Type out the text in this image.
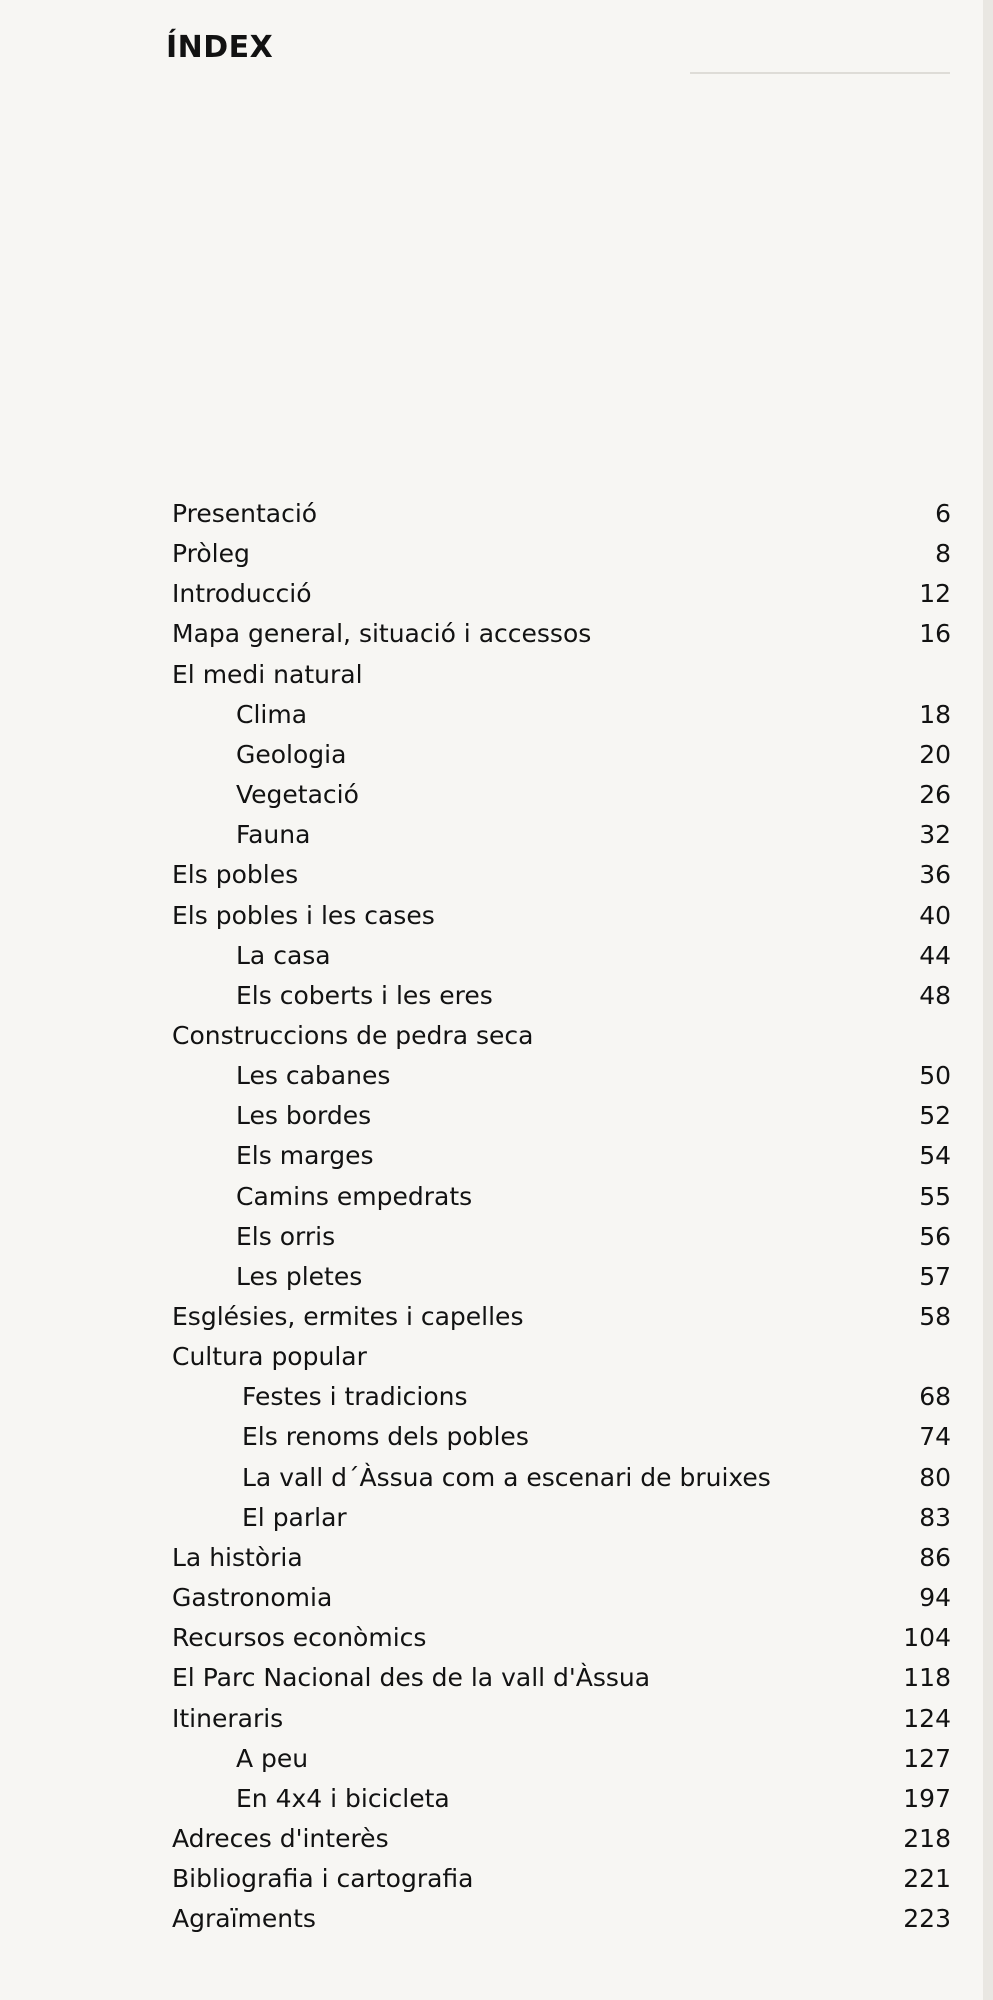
ÍNDEX
Presentació	6
Pròleg	8
Introducció	12
Mapa general, situació i accessos	16
El medi natural
Clima	18
Geologia	20
Vegetació	26
Fauna	32
Els pobles	36
Els pobles i les cases	40
La casa	44
Els coberts i les eres	48
Construccions de pedra seca
Les cabanes	50
Les bordes	52
Els marges	54
Camins empedrats	55
Els orris	56
Les pletes	57
Esglésies, ermites i capelles	58
Cultura popular
Festes i tradicions	68
Els renoms dels pobles	74
La vall d´Àssua com a escenari de bruixes	80
El parlar	83
La història	86
Gastronomia	94
Recursos econòmics	104
El Parc Nacional des de la vall d'Àssua	118
Itineraris	124
A peu	127
En 4x4 i bicicleta	197
Adreces d'interès	218
Bibliografia i cartografia	221
Agraïments	223
